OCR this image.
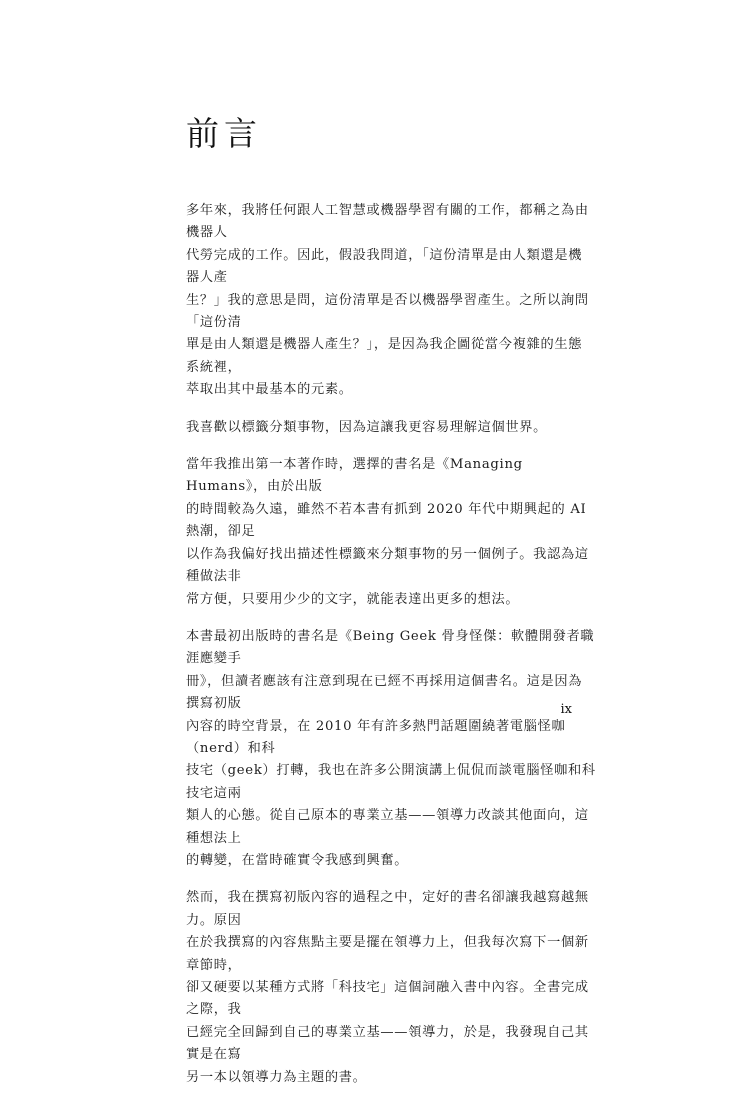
前言

多年來，我將任何跟人工智慧或機器學習有關的工作，都稱之為由機器人
代勞完成的工作。因此，假設我問道，「這份清單是由人類還是機器人產
生？」我的意思是問，這份清單是否以機器學習產生。之所以詢問「這份清
單是由人類還是機器人產生？」，是因為我企圖從當今複雜的生態系統裡，
萃取出其中最基本的元素。

我喜歡以標籤分類事物，因為這讓我更容易理解這個世界。

當年我推出第一本著作時，選擇的書名是《Managing Humans》，由於出版
的時間較為久遠，雖然不若本書有抓到 2020 年代中期興起的 AI 熱潮，卻足
以作為我偏好找出描述性標籤來分類事物的另一個例子。我認為這種做法非
常方便，只要用少少的文字，就能表達出更多的想法。

本書最初出版時的書名是《Being Geek 骨身怪傑：軟體開發者職涯應變手
冊》，但讀者應該有注意到現在已經不再採用這個書名。這是因為撰寫初版
內容的時空背景，在 2010 年有許多熱門話題圍繞著電腦怪咖（nerd）和科
技宅（geek）打轉，我也在許多公開演講上侃侃而談電腦怪咖和科技宅這兩
類人的心態。從自己原本的專業立基——領導力改談其他面向，這種想法上
的轉變，在當時確實令我感到興奮。

然而，我在撰寫初版內容的過程之中，定好的書名卻讓我越寫越無力。原因
在於我撰寫的內容焦點主要是擺在領導力上，但我每次寫下一個新章節時，
卻又硬要以某種方式將「科技宅」這個詞融入書中內容。全書完成之際，我
已經完全回歸到自己的專業立基——領導力，於是，我發現自己其實是在寫
另一本以領導力為主題的書。

ix
